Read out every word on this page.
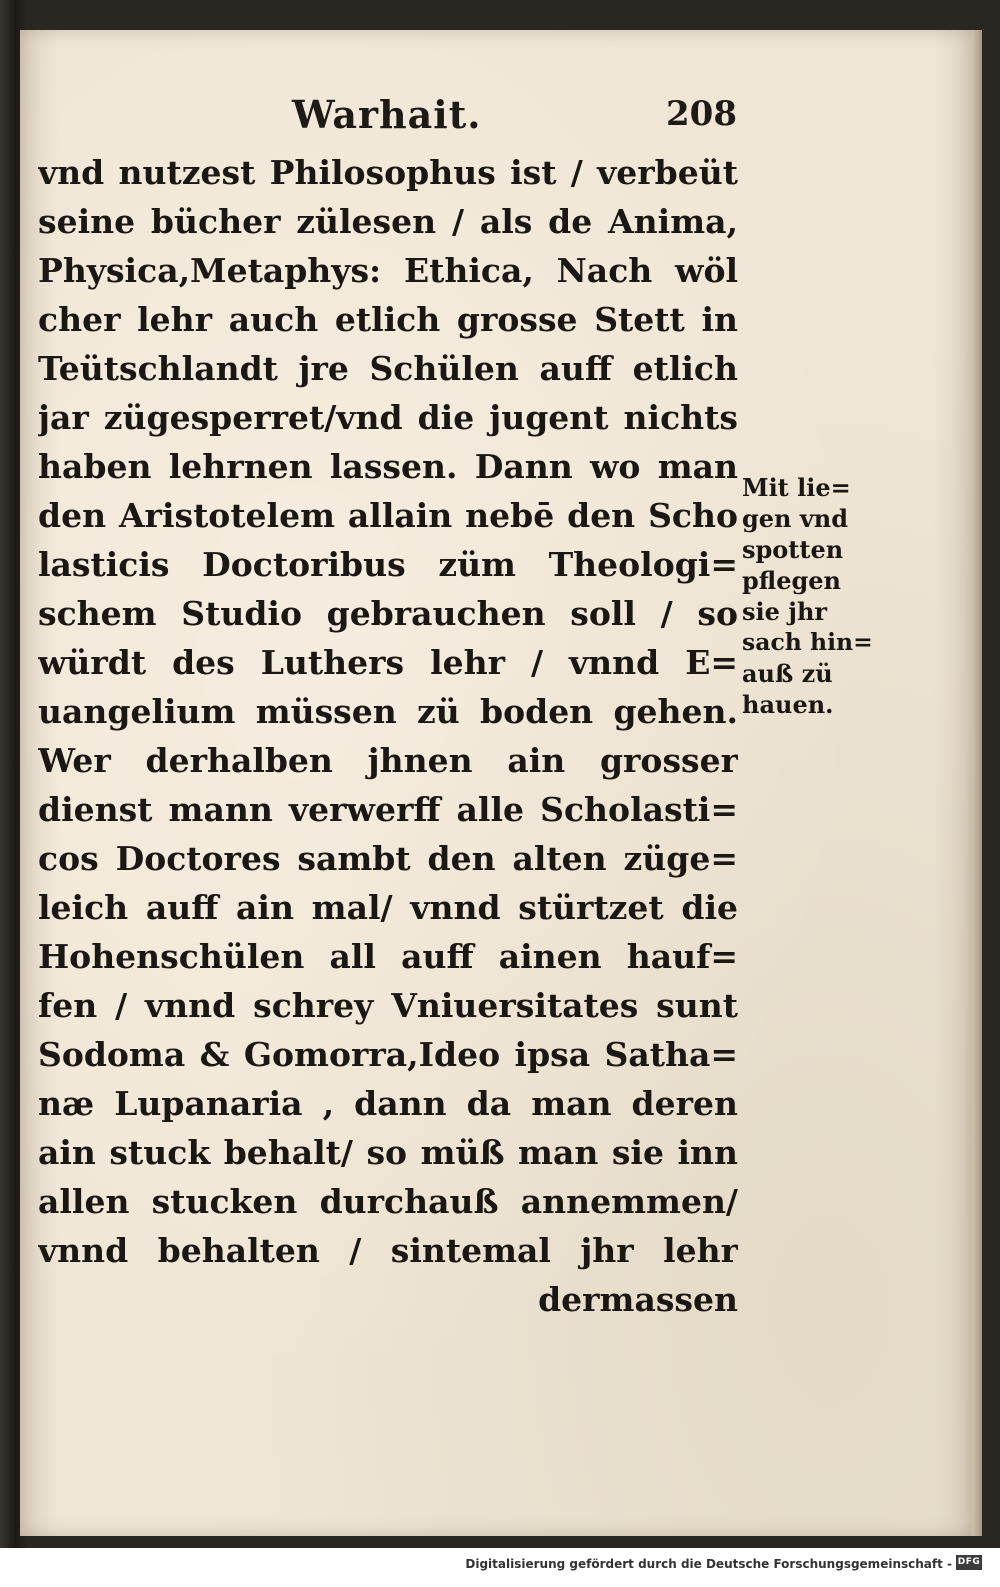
Warhait.	208
vnd nutzest Philosophus ist / verbeüt
seine bücher zülesen / als de Anima,
Physica,Metaphys: Ethica, Nach wöl
cher lehr auch etlich grosse Stett in
Teütschlandt jre Schülen auff etlich
jar zügesperret/vnd die jugent nichts
haben lehrnen lassen. Dann wo man
den Aristotelem allain nebē den Scho
lasticis Doctoribus züm Theologi=
schem Studio gebrauchen soll / so
würdt des Luthers lehr / vnnd E=
uangelium müssen zü boden gehen.
Wer derhalben jhnen ain grosser
dienst mann verwerff alle Scholasti=
cos Doctores sambt den alten züge=
leich auff ain mal/ vnnd stürtzet die
Hohenschülen all auff ainen hauf=
fen / vnnd schrey Vniuersitates sunt
Sodoma & Gomorra,Ideo ipsa Satha=
næ Lupanaria , dann da man deren
ain stuck behalt/ so müß man sie inn
allen stucken durchauß annemmen/
vnnd behalten / sintemal jhr lehr
dermassen
Mit lie=
gen vnd
spotten
pflegen
sie jhr
sach hin=
auß zü
hauen.
Digitalisierung gefördert durch die Deutsche Forschungsgemeinschaft - DFG
